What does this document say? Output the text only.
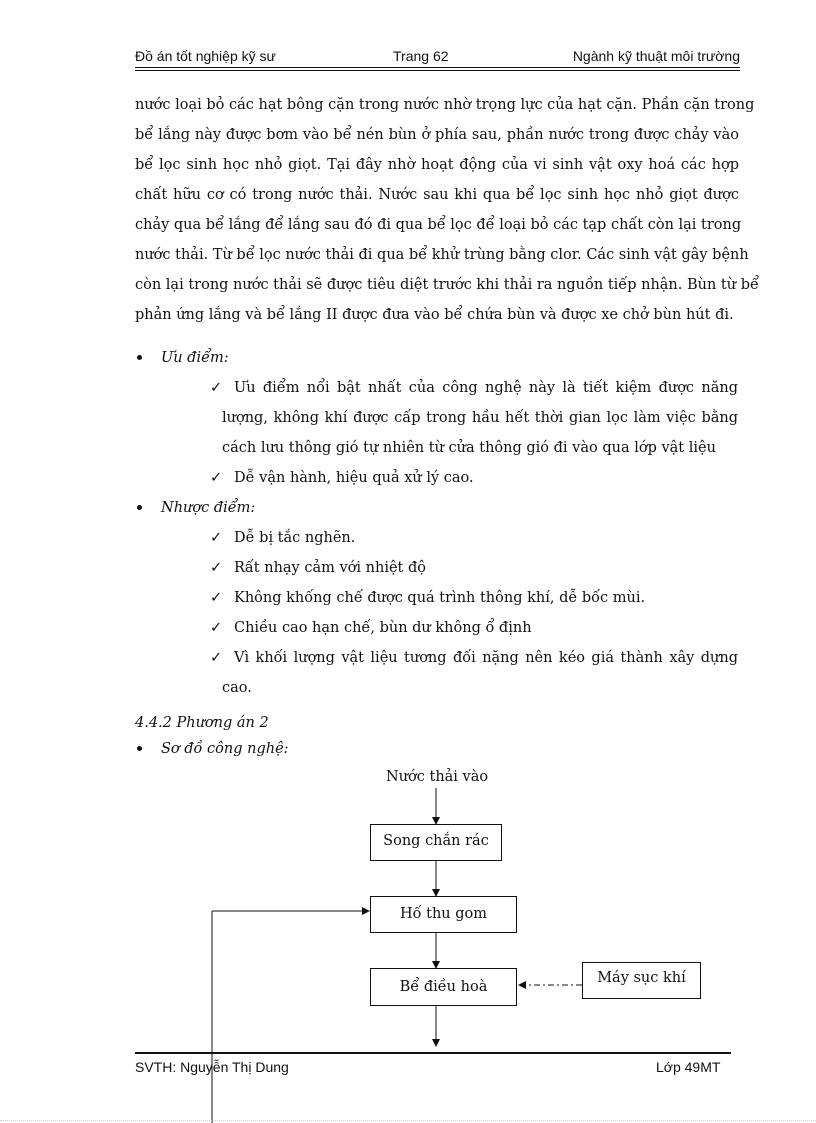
Đồ án tốt nghiệp kỹ sư	Trang 62	Ngành kỹ thuật môi trường
nước loại bỏ các hạt bông cặn trong nước nhờ trọng lực của hạt cặn. Phần cặn trong
bể lắng này được bơm vào bể nén bùn ở phía sau, phần nước trong được chảy vào
bể lọc sinh học nhỏ giọt. Tại đây nhờ hoạt động của vi sinh vật oxy hoá các hợp
chất hữu cơ có trong nước thải. Nước sau khi qua bể lọc sinh học nhỏ giọt được
chảy qua bể lắng để lắng sau đó đi qua bể lọc để loại bỏ các tạp chất còn lại trong
nước thải. Từ bể lọc nước thải đi qua bể khử trùng bằng clor. Các sinh vật gây bệnh
còn lại trong nước thải sẽ được tiêu diệt trước khi thải ra nguồn tiếp nhận. Bùn từ bể
phản ứng lắng và bể lắng II được đưa vào bể chứa bùn và được xe chở bùn hút đi.
Ưu điểm:
✓ Ưu điểm nổi bật nhất của công nghệ này là tiết kiệm được năng
lượng, không khí được cấp trong hầu hết thời gian lọc làm việc bằng
cách lưu thông gió tự nhiên từ cửa thông gió đi vào qua lớp vật liệu
✓ Dễ vận hành, hiệu quả xử lý cao.
Nhược điểm:
✓ Dễ bị tắc nghẽn.
✓ Rất nhạy cảm với nhiệt độ
✓ Không khống chế được quá trình thông khí, dễ bốc mùi.
✓ Chiều cao hạn chế, bùn dư không ổ định
✓ Vì khối lượng vật liệu tương đối nặng nên kéo giá thành xây dựng
cao.
4.4.2 Phương án 2
Sơ đồ công nghệ:
Nước thải vào
Song chắn rác
Hố thu gom
Bể điều hoà
Máy sục khí
SVTH: Nguyễn Thị Dung	Lớp 49MT
